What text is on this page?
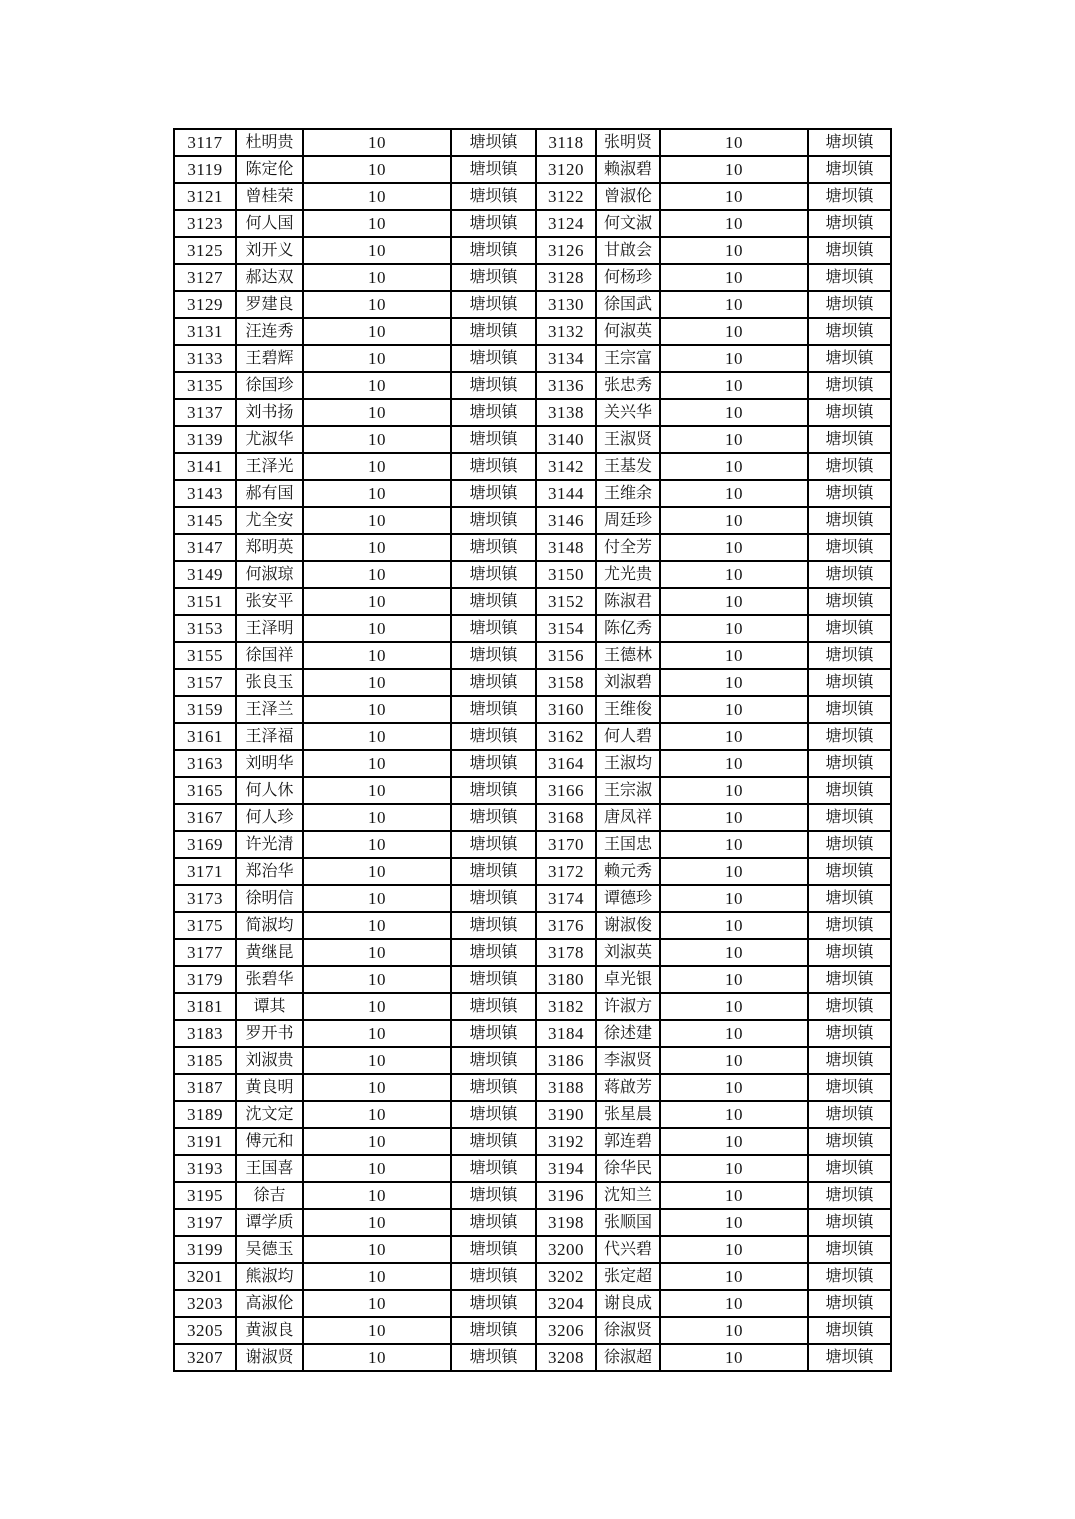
3117	杜明贵	10	塘坝镇	3118	张明贤	10	塘坝镇
3119	陈定伦	10	塘坝镇	3120	赖淑碧	10	塘坝镇
3121	曾桂荣	10	塘坝镇	3122	曾淑伦	10	塘坝镇
3123	何人国	10	塘坝镇	3124	何文淑	10	塘坝镇
3125	刘开义	10	塘坝镇	3126	甘啟会	10	塘坝镇
3127	郝达双	10	塘坝镇	3128	何杨珍	10	塘坝镇
3129	罗建良	10	塘坝镇	3130	徐国武	10	塘坝镇
3131	汪连秀	10	塘坝镇	3132	何淑英	10	塘坝镇
3133	王碧辉	10	塘坝镇	3134	王宗富	10	塘坝镇
3135	徐国珍	10	塘坝镇	3136	张忠秀	10	塘坝镇
3137	刘书扬	10	塘坝镇	3138	关兴华	10	塘坝镇
3139	尤淑华	10	塘坝镇	3140	王淑贤	10	塘坝镇
3141	王泽光	10	塘坝镇	3142	王基发	10	塘坝镇
3143	郝有国	10	塘坝镇	3144	王维余	10	塘坝镇
3145	尤全安	10	塘坝镇	3146	周廷珍	10	塘坝镇
3147	郑明英	10	塘坝镇	3148	付全芳	10	塘坝镇
3149	何淑琼	10	塘坝镇	3150	尤光贵	10	塘坝镇
3151	张安平	10	塘坝镇	3152	陈淑君	10	塘坝镇
3153	王泽明	10	塘坝镇	3154	陈亿秀	10	塘坝镇
3155	徐国祥	10	塘坝镇	3156	王德林	10	塘坝镇
3157	张良玉	10	塘坝镇	3158	刘淑碧	10	塘坝镇
3159	王泽兰	10	塘坝镇	3160	王维俊	10	塘坝镇
3161	王泽福	10	塘坝镇	3162	何人碧	10	塘坝镇
3163	刘明华	10	塘坝镇	3164	王淑均	10	塘坝镇
3165	何人休	10	塘坝镇	3166	王宗淑	10	塘坝镇
3167	何人珍	10	塘坝镇	3168	唐凤祥	10	塘坝镇
3169	许光清	10	塘坝镇	3170	王国忠	10	塘坝镇
3171	郑治华	10	塘坝镇	3172	赖元秀	10	塘坝镇
3173	徐明信	10	塘坝镇	3174	谭德珍	10	塘坝镇
3175	简淑均	10	塘坝镇	3176	谢淑俊	10	塘坝镇
3177	黄继昆	10	塘坝镇	3178	刘淑英	10	塘坝镇
3179	张碧华	10	塘坝镇	3180	卓光银	10	塘坝镇
3181	谭其	10	塘坝镇	3182	许淑方	10	塘坝镇
3183	罗开书	10	塘坝镇	3184	徐述建	10	塘坝镇
3185	刘淑贵	10	塘坝镇	3186	李淑贤	10	塘坝镇
3187	黄良明	10	塘坝镇	3188	蒋啟芳	10	塘坝镇
3189	沈文定	10	塘坝镇	3190	张星晨	10	塘坝镇
3191	傅元和	10	塘坝镇	3192	郭连碧	10	塘坝镇
3193	王国喜	10	塘坝镇	3194	徐华民	10	塘坝镇
3195	徐吉	10	塘坝镇	3196	沈知兰	10	塘坝镇
3197	谭学质	10	塘坝镇	3198	张顺国	10	塘坝镇
3199	吴德玉	10	塘坝镇	3200	代兴碧	10	塘坝镇
3201	熊淑均	10	塘坝镇	3202	张定超	10	塘坝镇
3203	高淑伦	10	塘坝镇	3204	谢良成	10	塘坝镇
3205	黄淑良	10	塘坝镇	3206	徐淑贤	10	塘坝镇
3207	谢淑贤	10	塘坝镇	3208	徐淑超	10	塘坝镇
